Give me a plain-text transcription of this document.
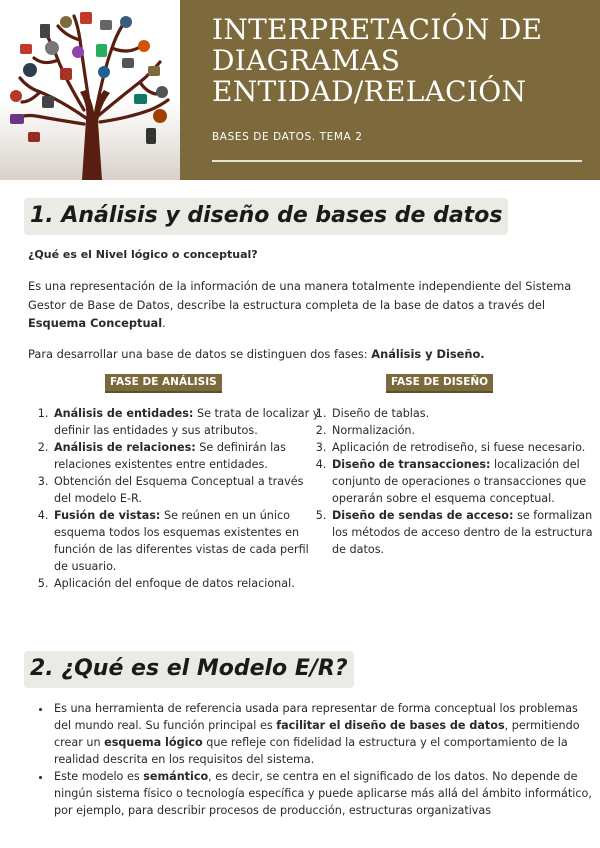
INTERPRETACIÓN DE
DIAGRAMAS
ENTIDAD/RELACIÓN
BASES DE DATOS. TEMA 2
1. Análisis y diseño de bases de datos
¿Qué es el Nivel lógico o conceptual?
Es una representación de la información de una manera totalmente independiente del Sistema Gestor de Base de Datos, describe la estructura completa de la base de datos a través del Esquema Conceptual.
Para desarrollar una base de datos se distinguen dos fases: Análisis y Diseño.
FASE DE ANÁLISIS	FASE DE DISEÑO
1. Análisis de entidades: Se trata de localizar y definir las entidades y sus atributos.
2. Análisis de relaciones: Se definirán las relaciones existentes entre entidades.
3. Obtención del Esquema Conceptual a través del modelo E-R.
4. Fusión de vistas: Se reúnen en un único esquema todos los esquemas existentes en función de las diferentes vistas de cada perfil de usuario.
5. Aplicación del enfoque de datos relacional.
1. Diseño de tablas.
2. Normalización.
3. Aplicación de retrodiseño, si fuese necesario.
4. Diseño de transacciones: localización del conjunto de operaciones o transacciones que operarán sobre el esquema conceptual.
5. Diseño de sendas de acceso: se formalizan los métodos de acceso dentro de la estructura de datos.
2. ¿Qué es el Modelo E/R?
• Es una herramienta de referencia usada para representar de forma conceptual los problemas del mundo real. Su función principal es facilitar el diseño de bases de datos, permitiendo crear un esquema lógico que refleje con fidelidad la estructura y el comportamiento de la realidad descrita en los requisitos del sistema.
• Este modelo es semántico, es decir, se centra en el significado de los datos. No depende de ningún sistema físico o tecnología específica y puede aplicarse más allá del ámbito informático, por ejemplo, para describir procesos de producción, estructuras organizativas
